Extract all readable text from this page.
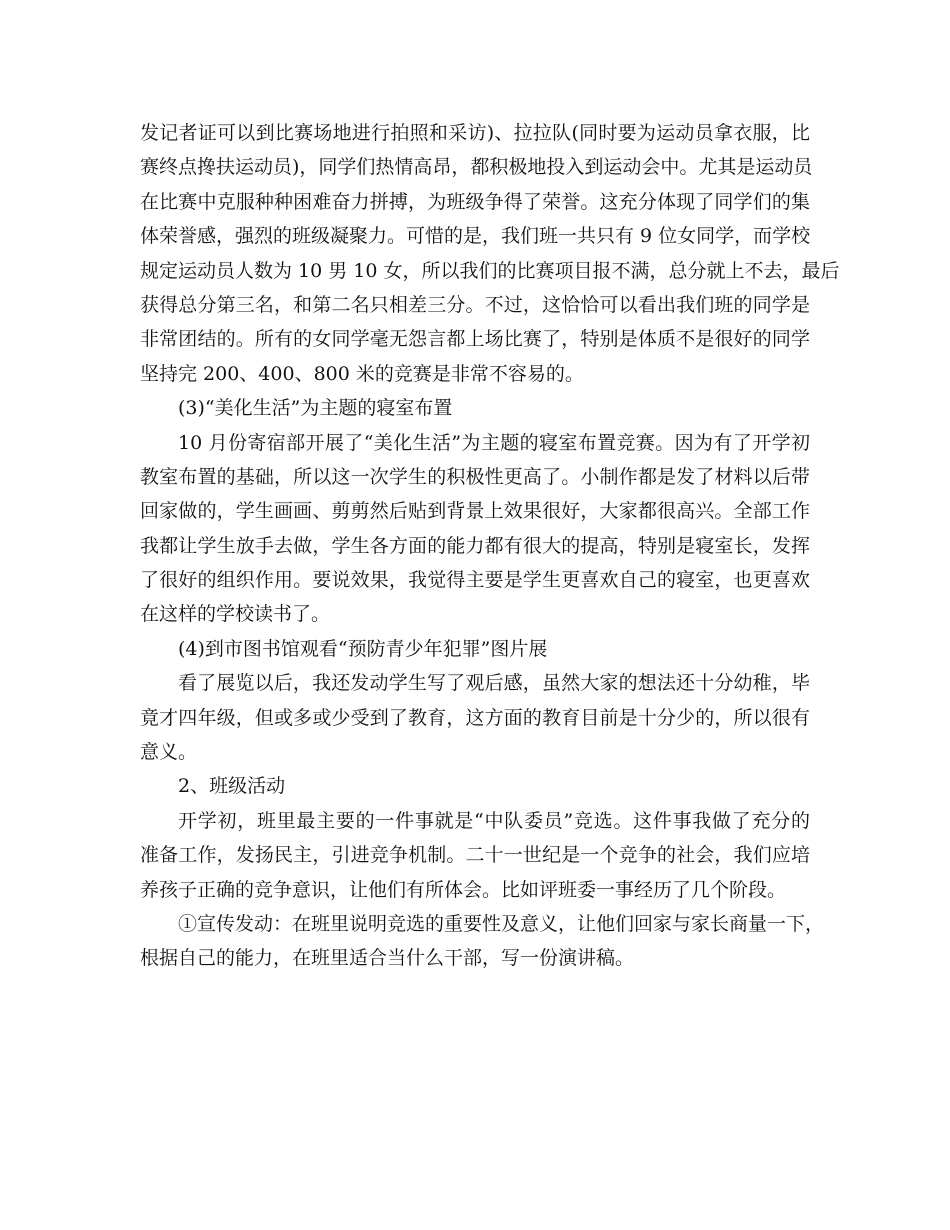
发记者证可以到比赛场地进行拍照和采访)、拉拉队(同时要为运动员拿衣服，比
赛终点搀扶运动员)，同学们热情高昂，都积极地投入到运动会中。尤其是运动员
在比赛中克服种种困难奋力拼搏，为班级争得了荣誉。这充分体现了同学们的集
体荣誉感，强烈的班级凝聚力。可惜的是，我们班一共只有 9 位女同学，而学校
规定运动员人数为 10 男 10 女，所以我们的比赛项目报不满，总分就上不去，最后
获得总分第三名，和第二名只相差三分。不过，这恰恰可以看出我们班的同学是
非常团结的。所有的女同学毫无怨言都上场比赛了，特别是体质不是很好的同学
坚持完 200、400、800 米的竞赛是非常不容易的。
(3)“美化生活”为主题的寝室布置
10 月份寄宿部开展了“美化生活”为主题的寝室布置竞赛。因为有了开学初
教室布置的基础，所以这一次学生的积极性更高了。小制作都是发了材料以后带
回家做的，学生画画、剪剪然后贴到背景上效果很好，大家都很高兴。全部工作
我都让学生放手去做，学生各方面的能力都有很大的提高，特别是寝室长，发挥
了很好的组织作用。要说效果，我觉得主要是学生更喜欢自己的寝室，也更喜欢
在这样的学校读书了。
(4)到市图书馆观看“预防青少年犯罪”图片展
看了展览以后，我还发动学生写了观后感，虽然大家的想法还十分幼稚，毕
竟才四年级，但或多或少受到了教育，这方面的教育目前是十分少的，所以很有
意义。
2、班级活动
开学初，班里最主要的一件事就是“中队委员”竞选。这件事我做了充分的
准备工作，发扬民主，引进竞争机制。二十一世纪是一个竞争的社会，我们应培
养孩子正确的竞争意识，让他们有所体会。比如评班委一事经历了几个阶段。
①宣传发动：在班里说明竞选的重要性及意义，让他们回家与家长商量一下，
根据自己的能力，在班里适合当什么干部，写一份演讲稿。
